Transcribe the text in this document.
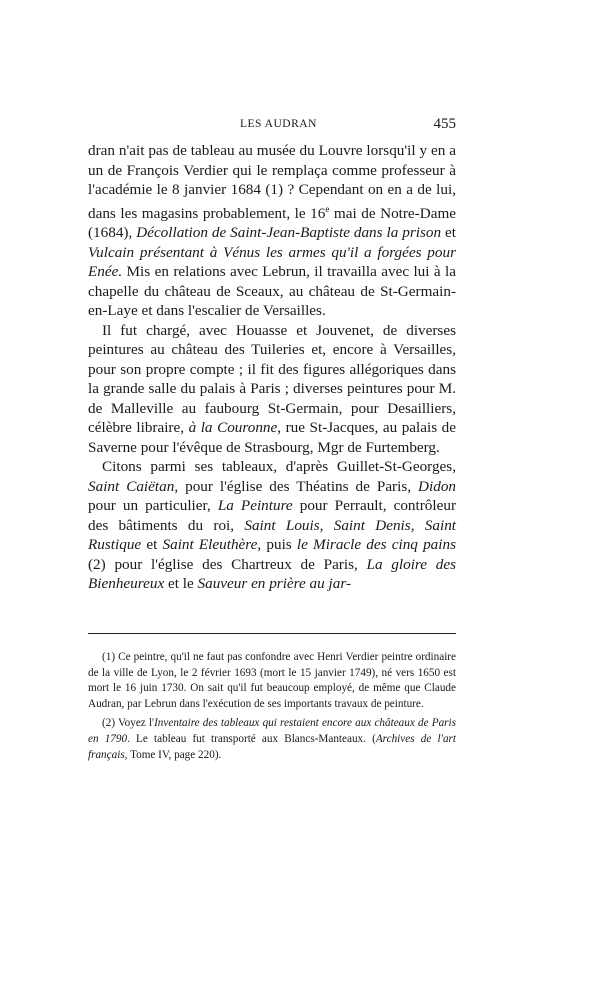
LES AUDRAN	455

dran n'ait pas de tableau au musée du Louvre lorsqu'il y en a un de François Verdier qui le remplaça comme professeur à l'académie le 8 janvier 1684 (1) ? Cependant on en a de lui, dans les magasins probablement, le 16e mai de Notre-Dame (1684), Décollation de Saint-Jean-Baptiste dans la prison et Vulcain présentant à Vénus les armes qu'il a forgées pour Enée. Mis en relations avec Lebrun, il travailla avec lui à la chapelle du château de Sceaux, au château de St-Germain-en-Laye et dans l'escalier de Versailles.

Il fut chargé, avec Houasse et Jouvenet, de diverses peintures au château des Tuileries et, encore à Versailles, pour son propre compte ; il fit des figures allégoriques dans la grande salle du palais à Paris ; diverses peintures pour M. de Malleville au faubourg St-Germain, pour Desailliers, célèbre libraire, à la Couronne, rue St-Jacques, au palais de Saverne pour l'évêque de Strasbourg, Mgr de Furtemberg.

Citons parmi ses tableaux, d'après Guillet-St-Georges, Saint Caiëtan, pour l'église des Théatins de Paris, Didon pour un particulier, La Peinture pour Perrault, contrôleur des bâtiments du roi, Saint Louis, Saint Denis, Saint Rustique et Saint Eleuthère, puis le Miracle des cinq pains (2) pour l'église des Chartreux de Paris, La gloire des Bienheureux et le Sauveur en prière au jar-

(1) Ce peintre, qu'il ne faut pas confondre avec Henri Verdier peintre ordinaire de la ville de Lyon, le 2 février 1693 (mort le 15 janvier 1749), né vers 1650 est mort le 16 juin 1730. On sait qu'il fut beaucoup employé, de même que Claude Audran, par Lebrun dans l'exécution de ses importants travaux de peinture.

(2) Voyez l'Inventaire des tableaux qui restaient encore aux châteaux de Paris en 1790. Le tableau fut transporté aux Blancs-Manteaux. (Archives de l'art français, Tome IV, page 220).
